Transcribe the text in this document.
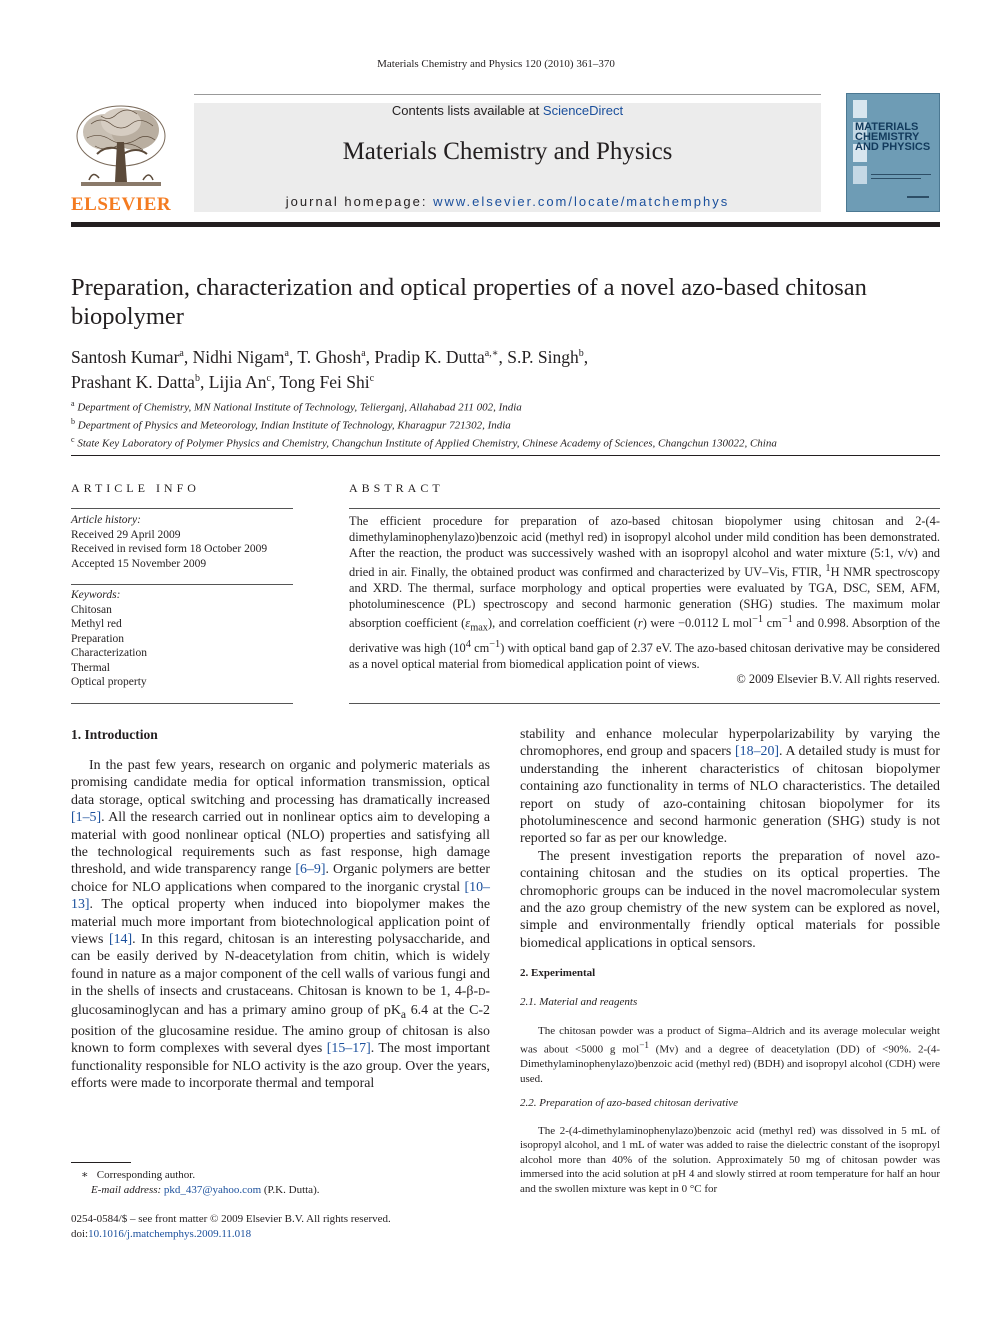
Materials Chemistry and Physics 120 (2010) 361–370
Contents lists available at ScienceDirect
Materials Chemistry and Physics
journal homepage: www.elsevier.com/locate/matchemphys
ELSEVIER
MATERIALS CHEMISTRY AND PHYSICS
Preparation, characterization and optical properties of a novel azo-based chitosan biopolymer
Santosh Kumar$^a$, Nidhi Nigam$^a$, T. Ghosh$^a$, Pradip K. Dutta$^{a,∗}$, S.P. Singh$^b$,
Prashant K. Datta$^b$, Lijia An$^c$, Tong Fei Shi$^c$
$^a$ Department of Chemistry, MN National Institute of Technology, Telierganj, Allahabad 211 002, India
$^b$ Department of Physics and Meteorology, Indian Institute of Technology, Kharagpur 721302, India
$^c$ State Key Laboratory of Polymer Physics and Chemistry, Changchun Institute of Applied Chemistry, Chinese Academy of Sciences, Changchun 130022, China
ARTICLE INFO	ABSTRACT
Article history:
Received 29 April 2009
Received in revised form 18 October 2009
Accepted 15 November 2009
Keywords:
Chitosan
Methyl red
Preparation
Characterization
Thermal
Optical property
The efficient procedure for preparation of azo-based chitosan biopolymer using chitosan and 2-(4-dimethylaminophenylazo)benzoic acid (methyl red) in isopropyl alcohol under mild condition has been demonstrated. After the reaction, the product was successively washed with an isopropyl alcohol and water mixture (5:1, v/v) and dried in air. Finally, the obtained product was confirmed and characterized by UV–Vis, FTIR, $^1$H NMR spectroscopy and XRD. The thermal, surface morphology and optical properties were evaluated by TGA, DSC, SEM, AFM, photoluminescence (PL) spectroscopy and second harmonic generation (SHG) studies. The maximum molar absorption coefficient $(\varepsilon_{max})$, and correlation coefficient (r) were −0.0112 L mol$^{-1}$ $cm^{-1}$ and 0.998. Absorption of the derivative was high ($10^4$ $cm^{-1}$) with optical band gap of 2.37 eV. The azo-based chitosan derivative may be considered as a novel optical material from biomedical application point of views.
© 2009 Elsevier B.V. All rights reserved.
1. Introduction

In the past few years, research on organic and polymeric materials as promising candidate media for optical information transmission, optical data storage, optical switching and processing has dramatically increased [1–5]. All the research carried out in nonlinear optics aim to developing a material with good nonlinear optical (NLO) properties and satisfying all the technological requirements such as fast response, high damage threshold, and wide transparency range [6–9]. Organic polymers are better choice for NLO applications when compared to the inorganic crystal [10–13]. The optical property when induced into biopolymer makes the material much more important from biotechnological application point of views [14]. In this regard, chitosan is an interesting polysaccharide, and can be easily derived by N-deacetylation from chitin, which is widely found in nature as a major component of the cell walls of various fungi and in the shells of insects and crustaceans. Chitosan is known to be 1, 4-β-D-glucosaminoglycan and has a primary amino group of $pK_a$ 6.4 at the C-2 position of the glucosamine residue. The amino group of chitosan is also known to form complexes with several dyes [15–17]. The most important functionality responsible for NLO activity is the azo group. Over the years, efforts were made to incorporate thermal and temporal

stability and enhance molecular hyperpolarizability by varying the chromophores, end group and spacers [18–20]. A detailed study is must for understanding the inherent characteristics of chitosan biopolymer containing azo functionality in terms of NLO characteristics. The detailed report on study of azo-containing chitosan biopolymer for its photoluminescence and second harmonic generation (SHG) study is not reported so far as per our knowledge.

The present investigation reports the preparation of novel azo-containing chitosan and the studies on its optical properties. The chromophoric groups can be induced in the novel macromolecular system and the azo group chemistry of the new system can be explored as novel, simple and environmentally friendly optical materials for possible biomedical applications in optical sensors.

2. Experimental
2.1. Material and reagents
The chitosan powder was a product of Sigma–Aldrich and its average molecular weight was about <5000 g mol$^{-1}$ (Mv) and a degree of deacetylation (DD) of <90%. 2-(4-Dimethylaminophenylazo)benzoic acid (methyl red) (BDH) and isopropyl alcohol (CDH) were used.
2.2. Preparation of azo-based chitosan derivative
The 2-(4-dimethylaminophenylazo)benzoic acid (methyl red) was dissolved in 5 mL of isopropyl alcohol, and 1 mL of water was added to raise the dielectric constant of the isopropyl alcohol more than 40% of the solution. Approximately 50 mg of chitosan powder was immersed into the acid solution at pH 4 and slowly stirred at room temperature for half an hour and the swollen mixture was kept in 0 °C for
∗ Corresponding author.
E-mail address: pkd_437@yahoo.com (P.K. Dutta).
0254-0584/$ – see front matter © 2009 Elsevier B.V. All rights reserved.
doi:10.1016/j.matchemphys.2009.11.018
